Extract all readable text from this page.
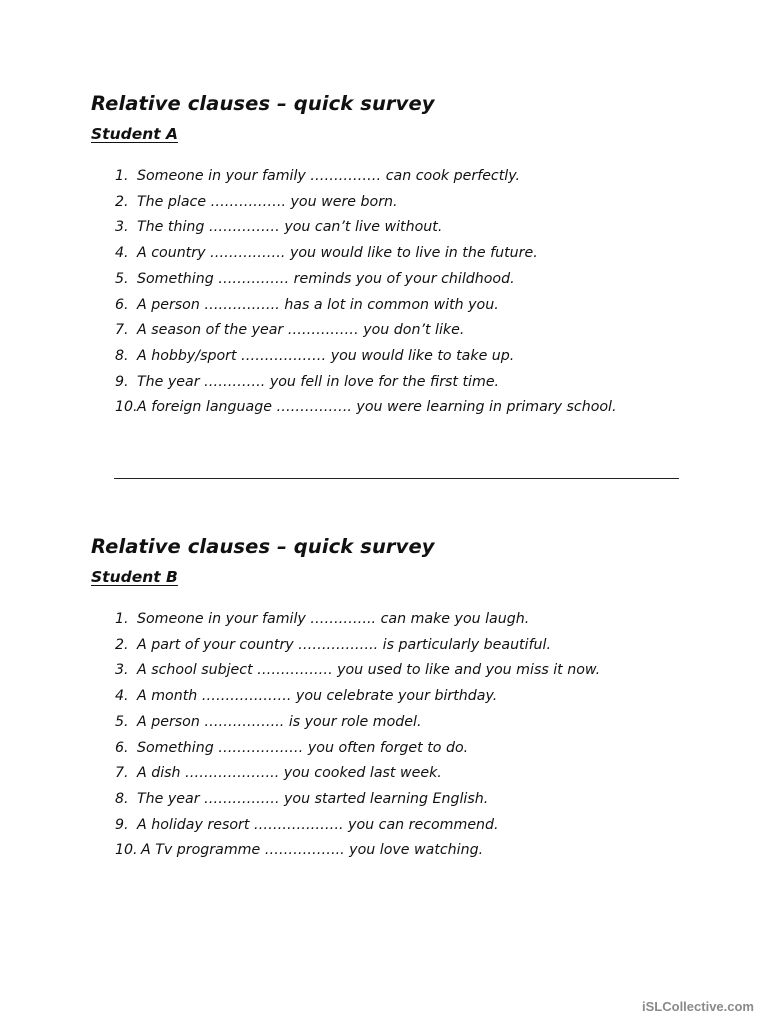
Relative clauses – quick survey
Student A
1. Someone in your family …………… can cook perfectly.
2. The place ……………. you were born.
3. The thing …………… you can’t live without.
4. A country ……………. you would like to live in the future.
5. Something …………… reminds you of your childhood.
6. A person ……………. has a lot in common with you.
7. A season of the year …………… you don’t like.
8. A hobby/sport ……………… you would like to take up.
9. The year …………. you fell in love for the first time.
10. A foreign language ……………. you were learning in primary school.
Relative clauses – quick survey
Student B
1. Someone in your family ………….. can make you laugh.
2. A part of your country …………….. is particularly beautiful.
3. A school subject ……………. you used to like and you miss it now.
4. A month ………………. you celebrate your birthday.
5. A person …………….. is your role model.
6. Something ……………… you often forget to do.
7. A dish ……………….. you cooked last week.
8. The year ……………. you started learning English.
9. A holiday resort ………………. you can recommend.
10. A Tv programme …………….. you love watching.
iSLCollective.com
